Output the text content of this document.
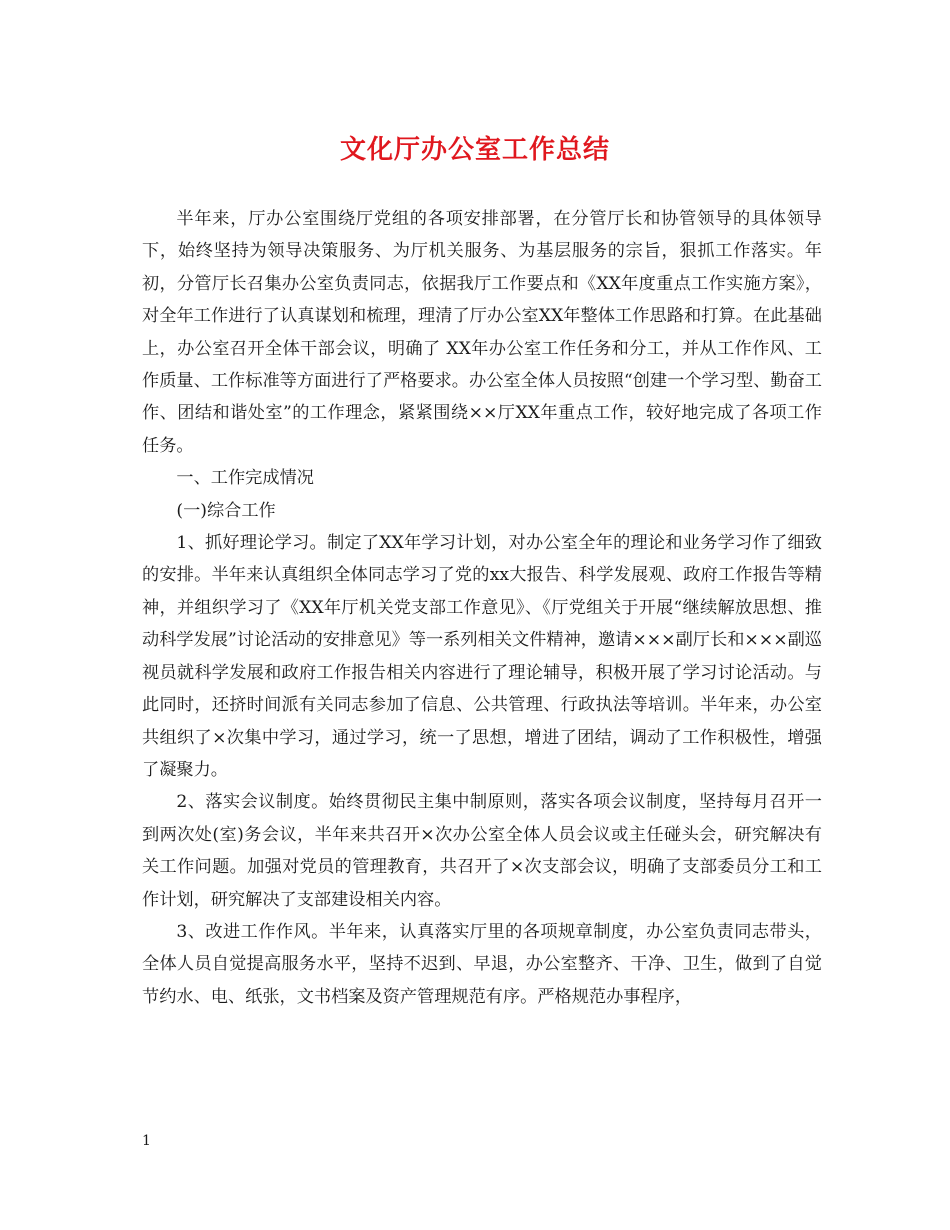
文化厅办公室工作总结

半年来，厅办公室围绕厅党组的各项安排部署，在分管厅长和协管领导的具体领导下，始终坚持为领导决策服务、为厅机关服务、为基层服务的宗旨，狠抓工作落实。年初，分管厅长召集办公室负责同志，依据我厅工作要点和《XX年度重点工作实施方案》，对全年工作进行了认真谋划和梳理，理清了厅办公室XX年整体工作思路和打算。在此基础上，办公室召开全体干部会议，明确了 XX年办公室工作任务和分工，并从工作作风、工作质量、工作标准等方面进行了严格要求。办公室全体人员按照“创建一个学习型、勤奋工作、团结和谐处室”的工作理念，紧紧围绕××厅XX年重点工作，较好地完成了各项工作任务。

一、工作完成情况

(一)综合工作

1、抓好理论学习。制定了XX年学习计划，对办公室全年的理论和业务学习作了细致的安排。半年来认真组织全体同志学习了党的xx大报告、科学发展观、政府工作报告等精神，并组织学习了《XX年厅机关党支部工作意见》、《厅党组关于开展“继续解放思想、推动科学发展”讨论活动的安排意见》等一系列相关文件精神，邀请×××副厅长和×××副巡视员就科学发展和政府工作报告相关内容进行了理论辅导，积极开展了学习讨论活动。与此同时，还挤时间派有关同志参加了信息、公共管理、行政执法等培训。半年来，办公室共组织了×次集中学习，通过学习，统一了思想，增进了团结，调动了工作积极性，增强了凝聚力。

2、落实会议制度。始终贯彻民主集中制原则，落实各项会议制度，坚持每月召开一到两次处(室)务会议，半年来共召开×次办公室全体人员会议或主任碰头会，研究解决有关工作问题。加强对党员的管理教育，共召开了×次支部会议，明确了支部委员分工和工作计划，研究解决了支部建设相关内容。

3、改进工作作风。半年来，认真落实厅里的各项规章制度，办公室负责同志带头，全体人员自觉提高服务水平，坚持不迟到、早退，办公室整齐、干净、卫生，做到了自觉节约水、电、纸张，文书档案及资产管理规范有序。严格规范办事程序，

1
